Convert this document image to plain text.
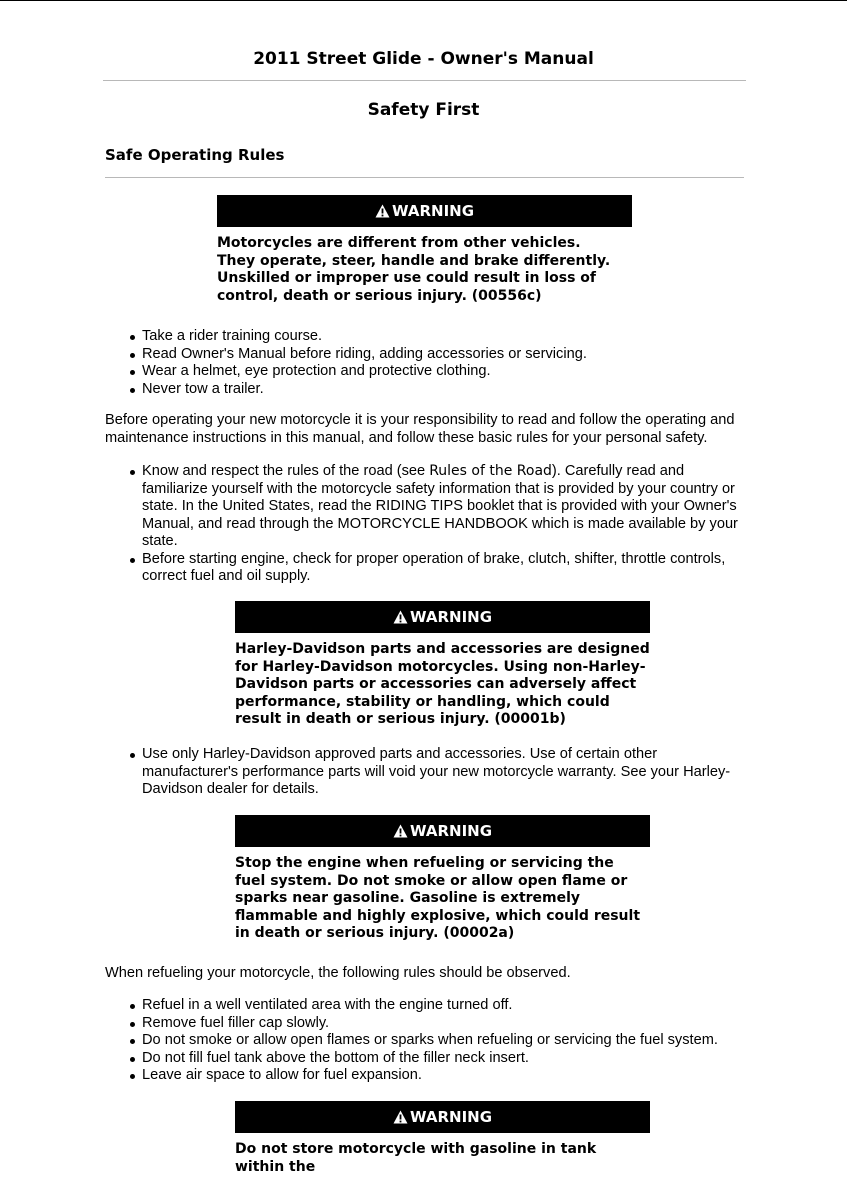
2011 Street Glide - Owner's Manual
Safety First
Safe Operating Rules
WARNING
Motorcycles are different from other vehicles. They operate, steer, handle and brake differently. Unskilled or improper use could result in loss of control, death or serious injury. (00556c)
Take a rider training course.
Read Owner's Manual before riding, adding accessories or servicing.
Wear a helmet, eye protection and protective clothing.
Never tow a trailer.
Before operating your new motorcycle it is your responsibility to read and follow the operating and maintenance instructions in this manual, and follow these basic rules for your personal safety.
Know and respect the rules of the road (see Rules of the Road). Carefully read and familiarize yourself with the motorcycle safety information that is provided by your country or state. In the United States, read the RIDING TIPS booklet that is provided with your Owner's Manual, and read through the MOTORCYCLE HANDBOOK which is made available by your state.
Before starting engine, check for proper operation of brake, clutch, shifter, throttle controls, correct fuel and oil supply.
WARNING
Harley-Davidson parts and accessories are designed for Harley-Davidson motorcycles. Using non-Harley-Davidson parts or accessories can adversely affect performance, stability or handling, which could result in death or serious injury. (00001b)
Use only Harley-Davidson approved parts and accessories. Use of certain other manufacturer's performance parts will void your new motorcycle warranty. See your Harley-Davidson dealer for details.
WARNING
Stop the engine when refueling or servicing the fuel system. Do not smoke or allow open flame or sparks near gasoline. Gasoline is extremely flammable and highly explosive, which could result in death or serious injury. (00002a)
When refueling your motorcycle, the following rules should be observed.
Refuel in a well ventilated area with the engine turned off.
Remove fuel filler cap slowly.
Do not smoke or allow open flames or sparks when refueling or servicing the fuel system.
Do not fill fuel tank above the bottom of the filler neck insert.
Leave air space to allow for fuel expansion.
WARNING
Do not store motorcycle with gasoline in tank within the
